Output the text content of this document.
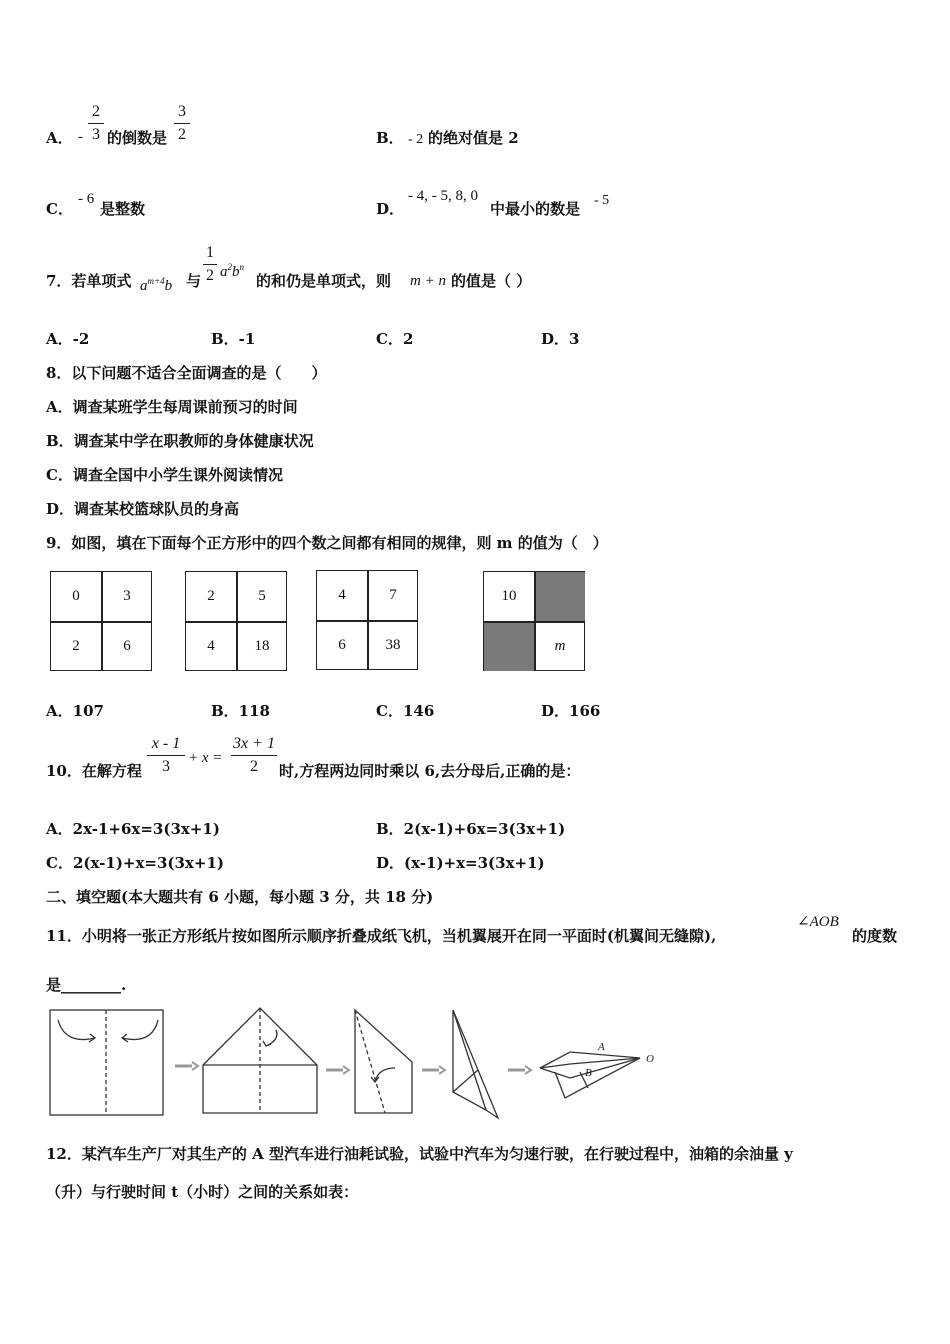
A． -
2
3 的倒数是
3
2	B． - 2 的绝对值是 2
C．
- 6
是整数	D．
- 4, - 5, 8, 0
中最小的数是 - 5
7．若单项式 $a^{m+4}b$ 与
1
2 $a^2b^n$
的和仍是单项式，则 m + n 的值是（ ）
A．-2	B．-1	C．2	D．3
8．以下问题不适合全面调查的是（　　）
A．调查某班学生每周课前预习的时间
B．调查某中学在职教师的身体健康状况
C．调查全国中小学生课外阅读情况
D．调查某校篮球队员的身高
9．如图，填在下面每个正方形中的四个数之间都有相同的规律，则 m 的值为（　）
0	3
2	6
2	5
4	18
4	7
6	38
10
m
A．107	B．118	C．146	D．166
10．在解方程
x - 1
3	+ x =
3x + 1
2	时,方程两边同时乘以 6,去分母后,正确的是：
A．2x-1+6x=3(3x+1)	B．2(x-1)+6x=3(3x+1)
C．2(x-1)+x=3(3x+1)	D．(x-1)+x=3(3x+1)
二、填空题(本大题共有 6 小题，每小题 3 分，共 18 分)
11．小明将一张正方形纸片按如图所示顺序折叠成纸飞机，当机翼展开在同一平面时(机翼间无缝隙),
∠AOB
的度数
是________.
A
B
O
12．某汽车生产厂对其生产的 A 型汽车进行油耗试验，试验中汽车为匀速行驶，在行驶过程中，油箱的余油量 y
（升）与行驶时间 t（小时）之间的关系如表：
